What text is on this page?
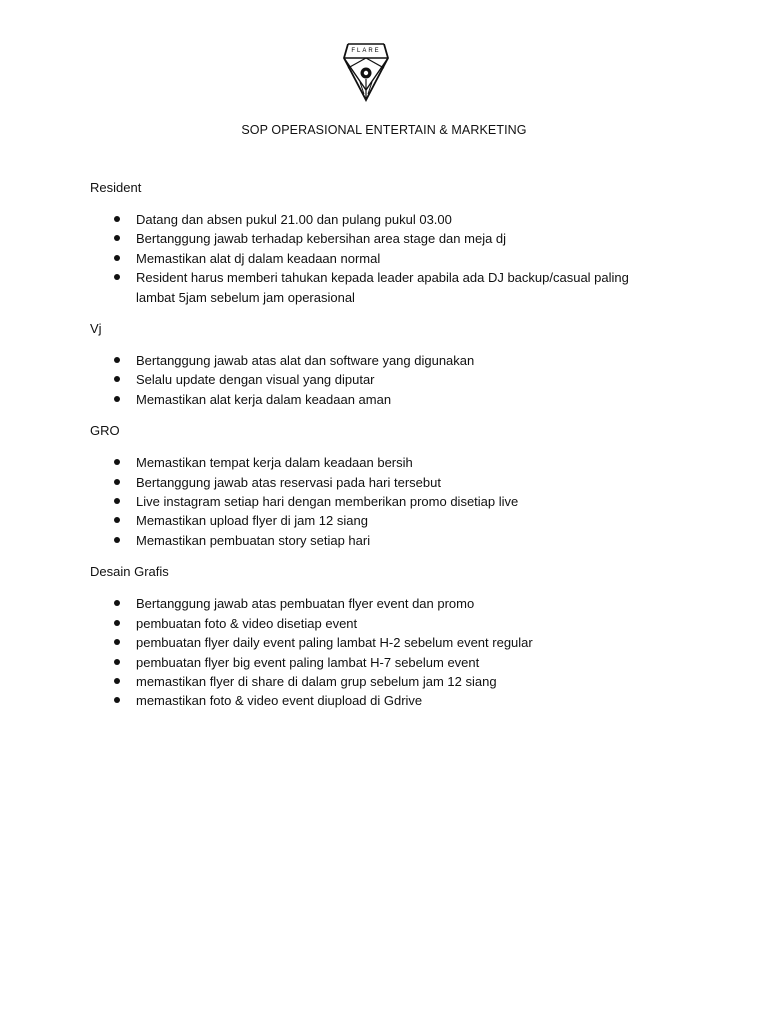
FLARE
SOP OPERASIONAL ENTERTAIN & MARKETING
Resident
Datang dan absen pukul 21.00 dan pulang pukul 03.00
Bertanggung jawab terhadap kebersihan area stage dan meja dj
Memastikan alat dj dalam keadaan normal
Resident harus memberi tahukan kepada leader apabila ada DJ backup/casual paling lambat 5jam sebelum jam operasional
Vj
Bertanggung jawab atas alat dan software yang digunakan
Selalu update dengan visual yang diputar
Memastikan alat kerja dalam keadaan aman
GRO
Memastikan tempat kerja dalam keadaan bersih
Bertanggung jawab atas reservasi pada hari tersebut
Live instagram setiap hari dengan memberikan promo disetiap live
Memastikan upload flyer di jam 12 siang
Memastikan pembuatan story setiap hari
Desain Grafis
Bertanggung jawab atas pembuatan flyer event dan promo
pembuatan foto & video disetiap event
pembuatan flyer daily event paling lambat H-2 sebelum event regular
pembuatan flyer big event paling lambat H-7 sebelum event
memastikan flyer di share di dalam grup sebelum jam 12 siang
memastikan foto & video event diupload di Gdrive
